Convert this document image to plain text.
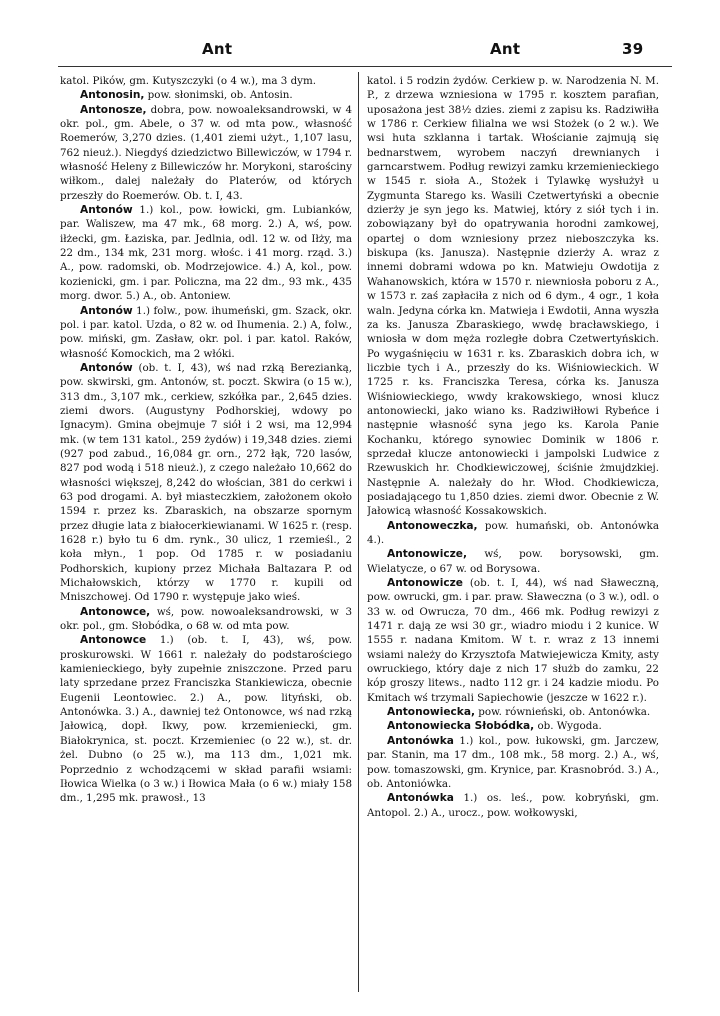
Ant	Ant	39

katol. Pików, gm. Kutyszczyki (o 4 w.), ma 3 dym.

Antonosin, pow. słonimski, ob. Antosin.

Antonosze, dobra, pow. nowoaleksandrowski, w 4 okr. pol., gm. Abele, o 37 w. od mta pow., własność Roemerów, 3,270 dzies. (1,401 ziemi użyt., 1,107 lasu, 762 nieuż.). Niegdyś dziedzictwo Billewiczów, w 1794 r. własność Heleny z Billewiczów hr. Morykoni, starościny wiłkom., dalej należały do Platerów, od których przeszły do Roemerów. Ob. t. I, 43.

Antonów 1.) kol., pow. łowicki, gm. Lubianków, par. Waliszew, ma 47 mk., 68 morg. 2.) A, wś, pow. iłżecki, gm. Łaziska, par. Jedlnia, odl. 12 w. od Iłży, ma 22 dm., 134 mk, 231 morg. włośc. i 41 morg. rząd. 3.) A., pow. radomski, ob. Modrzejowice. 4.) A, kol., pow. kozienicki, gm. i par. Policzna, ma 22 dm., 93 mk., 435 morg. dwor. 5.) A., ob. Antoniew.

Antonów 1.) folw., pow. ihumeński, gm. Szack, okr. pol. i par. katol. Uzda, o 82 w. od Ihumenia. 2.) A, folw., pow. miński, gm. Zasław, okr. pol. i par. katol. Raków, własność Komockich, ma 2 włóki.

Antonów (ob. t. I, 43), wś nad rzką Berezianką, pow. skwirski, gm. Antonów, st. poczt. Skwira (o 15 w.), 313 dm., 3,107 mk., cerkiew, szkółka par., 2,645 dzies. ziemi dwors. (Augustyny Podhorskiej, wdowy po Ignacym). Gmina obejmuje 7 siół i 2 wsi, ma 12,994 mk. (w tem 131 katol., 259 żydów) i 19,348 dzies. ziemi (927 pod zabud., 16,084 gr. orn., 272 łąk, 720 lasów, 827 pod wodą i 518 nieuż.), z czego należało 10,662 do własności większej, 8,242 do włościan, 381 do cerkwi i 63 pod drogami. A. był miasteczkiem, założonem około 1594 r. przez ks. Zbaraskich, na obszarze spornym przez długie lata z białocerkiewianami. W 1625 r. (resp. 1628 r.) było tu 6 dm. rynk., 30 ulicz, 1 rzemieśl., 2 koła młyn., 1 pop. Od 1785 r. w posiadaniu Podhorskich, kupiony przez Michała Baltazara P. od Michałowskich, którzy w 1770 r. kupili od Mniszchowej. Od 1790 r. występuje jako wieś.

Antonowce, wś, pow. nowoaleksandrowski, w 3 okr. pol., gm. Słobódka, o 68 w. od mta pow.

Antonowce 1.) (ob. t. I, 43), wś, pow. proskurowski. W 1661 r. należały do podstarościego kamienieckiego, były zupełnie zniszczone. Przed paru laty sprzedane przez Franciszka Stankiewicza, obecnie Eugenii Leontowiec. 2.) A., pow. lityński, ob. Antonówka. 3.) A., dawniej też Ontonowce, wś nad rzką Jałowicą, dopł. Ikwy, pow. krzemieniecki, gm. Białokrynica, st. poczt. Krzemieniec (o 22 w.), st. dr. żel. Dubno (o 25 w.), ma 113 dm., 1,021 mk. Poprzednio z wchodzącemi w skład parafii wsiami: Iłowica Wielka (o 3 w.) i Iłowica Mała (o 6 w.) miały 158 dm., 1,295 mk. prawosł., 13

katol. i 5 rodzin żydów. Cerkiew p. w. Narodzenia N. M. P., z drzewa wzniesiona w 1795 r. kosztem parafian, uposażona jest 38½ dzies. ziemi z zapisu ks. Radziwiłła w 1786 r. Cerkiew filialna we wsi Stożek (o 2 w.). We wsi huta szklanna i tartak. Włościanie zajmują się bednarstwem, wyrobem naczyń drewnianych i garncarstwem. Podług rewizyi zamku krzemienieckiego w 1545 r. sioła A., Stożek i Tylawkę wysłużył u Zygmunta Starego ks. Wasili Czetwertyński a obecnie dzierży je syn jego ks. Matwiej, który z siół tych i in. zobowiązany był do opatrywania horodni zamkowej, opartej o dom wzniesiony przez nieboszczyka ks. biskupa (ks. Janusza). Następnie dzierży A. wraz z innemi dobrami wdowa po kn. Matwieju Owdotija z Wahanowskich, która w 1570 r. niewniosła poboru z A., w 1573 r. zaś zapłaciła z nich od 6 dym., 4 ogr., 1 koła waln. Jedyna córka kn. Matwieja i Ewdotii, Anna wyszła za ks. Janusza Zbaraskiego, wwdę bracławskiego, i wniosła w dom męża rozległe dobra Czetwertyńskich. Po wygaśnięciu w 1631 r. ks. Zbaraskich dobra ich, w liczbie tych i A., przeszły do ks. Wiśniowieckich. W 1725 r. ks. Franciszka Teresa, córka ks. Janusza Wiśniowieckiego, wwdy krakowskiego, wnosi klucz antonowiecki, jako wiano ks. Radziwiłłowi Rybeńce i następnie własność syna jego ks. Karola Panie Kochanku, którego synowiec Dominik w 1806 r. sprzedał klucze antonowiecki i jampolski Ludwice z Rzewuskich hr. Chodkiewiczowej, ściśnie żmujdzkiej. Następnie A. należały do hr. Włod. Chodkiewicza, posiadającego tu 1,850 dzies. ziemi dwor. Obecnie z W. Jałowicą własność Kossakowskich.

Antonoweczka, pow. humański, ob. Antonówka 4.).

Antonowicze, wś, pow. borysowski, gm. Wielatycze, o 67 w. od Borysowa.

Antonowicze (ob. t. I, 44), wś nad Sławeczną, pow. owrucki, gm. i par. praw. Sławeczna (o 3 w.), odl. o 33 w. od Owrucza, 70 dm., 466 mk. Podług rewizyi z 1471 r. dają ze wsi 30 gr., wiadro miodu i 2 kunice. W 1555 r. nadana Kmitom. W t. r. wraz z 13 innemi wsiami należy do Krzysztofa Matwiejewicza Kmity, asty owruckiego, który daje z nich 17 służb do zamku, 22 kóp groszy litews., nadto 112 gr. i 24 kadzie miodu. Po Kmitach wś trzymali Sapiechowie (jeszcze w 1622 r.).

Antonowiecka, pow. równieński, ob. Antonówka.

Antonowiecka Słobódka, ob. Wygoda.

Antonówka 1.) kol., pow. łukowski, gm. Jarczew, par. Stanin, ma 17 dm., 108 mk., 58 morg. 2.) A., wś, pow. tomaszowski, gm. Krynice, par. Krasnobród. 3.) A., ob. Antoniówka.

Antonówka 1.) os. leś., pow. kobryński, gm. Antopol. 2.) A., urocz., pow. wołkowyski,
